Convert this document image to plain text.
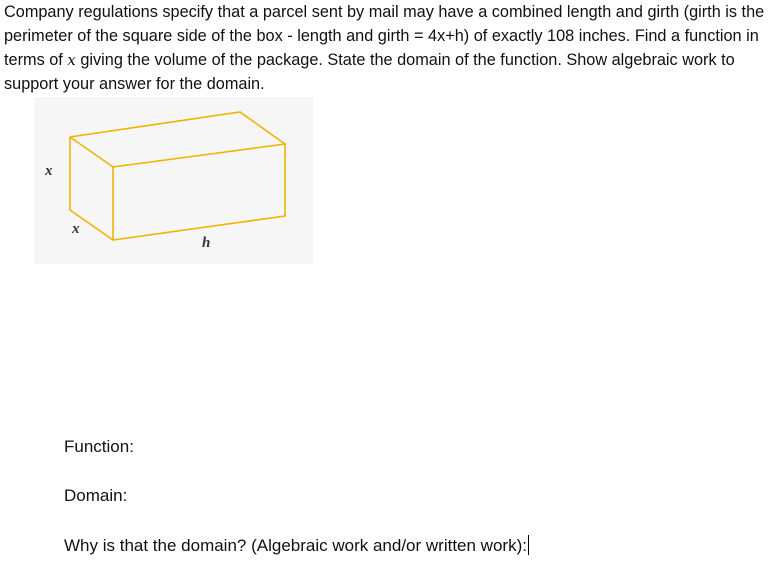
Company regulations specify that a parcel sent by mail may have a combined length and girth (girth is the perimeter of the square side of the box - length and girth = 4x+h) of exactly 108 inches. Find a function in terms of x giving the volume of the package. State the domain of the function. Show algebraic work to support your answer for the domain.
x
x
h
Function:
Domain:
Why is that the domain? (Algebraic work and/or written work):
